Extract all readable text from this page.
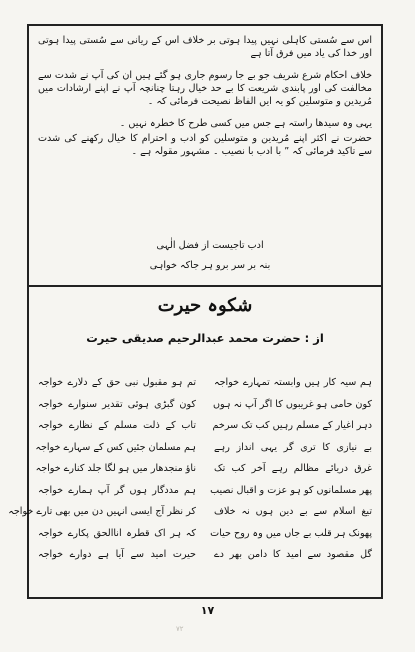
اس سے سُستی کاہلی نہیں پیدا ہوتی بر خلاف اس کے ریانی سے سُستی پیدا ہوتی اور خدا کی یاد میں فرق آتا ہے

خلاف احکام شرع شریف جو بے جا رسوم جاری ہو گئے ہیں ان کی آپ نے شدت سے مخالفت کی اور پابندی شریعت کا بے حد خیال رہتا چنانچہ آپ نے اپنے ارشادات میں مُریدین و متوسلین کو یہ ایں الفاظ نصیحت فرمائی کہ ۔

یہی وہ سیدھا راستہ ہے جس میں کسی طرح کا خطرہ نہیں ۔

حضرت نے اکثر اپنے مُریدین و متوسلین کو ادب و احترام کا خیال رکھنے کی شدت سے تاکید فرمائی کہ ” با ادب با نصیب ۔ مشہور مقولہ ہے ۔

ادب تاجیست از فضل الٰہی
بنہ بر سر برو ہر جاکہ خواہی
شکوہ حیرت
از : حضرت محمد عبدالرحیم صدیقی حیرت
ہم سیہ کار ہیں وابستہ تمہارے خواجہ
کون حامی ہو غریبوں کا اگر آپ نہ ہوں
دہر اغیار کے مسلم رہیں کب تک سرخم
بے نیازی کا تری گر یہی انداز رہے
غرق دریائے مظالم رہے آخر کب تک
پھر مسلمانوں کو ہو عزت و اقبال نصیب
تیغ اسلام سے بے دین ہوں نہ خلاف
پھونک ہر قلب بے جاں میں وہ روح حیات
گل مقصود سے امید کا دامن بھر دے
تم ہو مقبول نبی حق کے دلارے خواجہ
کون گبڑی ہوئی تقدیر سنوارے خواجہ
تاب کے ذلت مسلم کے نظارے خواجہ
ہم مسلمان جئیں کس کے سہارے خواجہ
ناؤ منجدھار میں ہو لگا جلد کنارے خواجہ
ہم مددگار ہوں گر آپ ہمارے خواجہ
کر نظر آج ایسی انہیں دن میں بھی تارے خواجہ
کہ ہر اک قطرہ اناالحق پکارے خواجہ
حیرت امید سے آیا ہے دوارے خواجہ
۱۷
٧٢
